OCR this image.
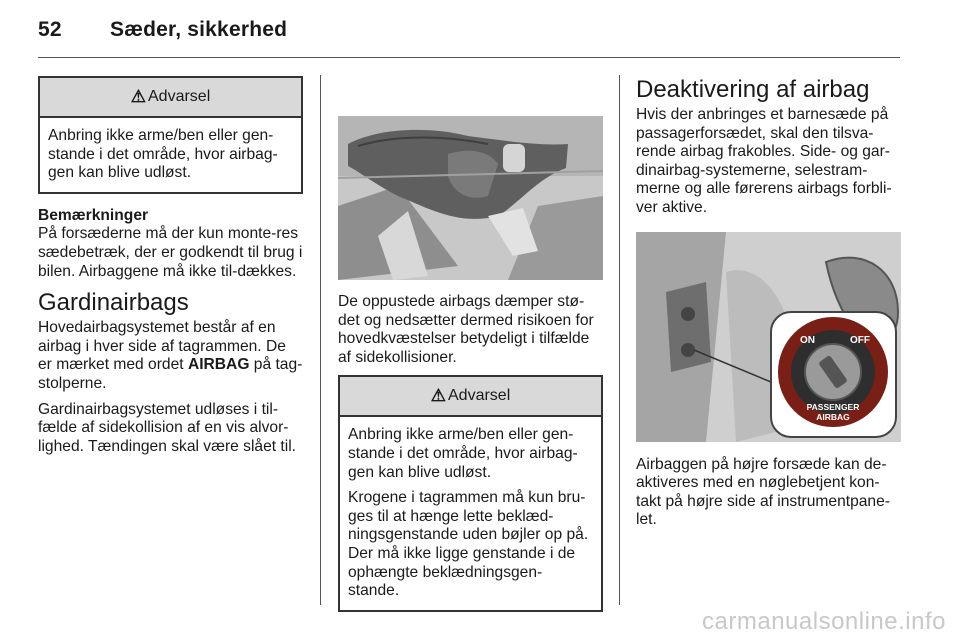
52 Sæder, sikkerhed
⚠ Advarsel

Anbring ikke arme/ben eller gen-stande i det område, hvor airbag-gen kan blive udløst.

Bemærkninger

På forsæderne må der kun monte-res sædebetræk, der er godkendt til brug i bilen. Airbaggene må ikke til-dækkes.

Gardinairbags

Hovedairbagsystemet består af en airbag i hver side af tagrammen. De er mærket med ordet AIRBAG på tag-stolperne.

Gardinairbagsystemet udløses i til-fælde af sidekollision af en vis alvor-lighed. Tændingen skal være slået til.

De oppustede airbags dæmper stø-det og nedsætter dermed risikoen for hovedkvæstelser betydeligt i tilfælde af sidekollisioner.

⚠ Advarsel

Anbring ikke arme/ben eller gen-stande i det område, hvor airbag-gen kan blive udløst.

Krogene i tagrammen må kun bru-ges til at hænge lette beklæd-ningsgenstande uden bøjler op på. Der må ikke ligge genstande i de ophængte beklædningsgen-stande.

Deaktivering af airbag

Hvis der anbringes et barnesæde på passagerforsædet, skal den tilsva-rende airbag frakobles. Side- og gar-dinairbag-systemerne, selestram-merne og alle førerens airbags forbli-ver aktive.

ON	OFF
PASSENGER
AIRBAG

Airbaggen på højre forsæde kan de-aktiveres med en nøglebetjent kon-takt på højre side af instrumentpane-let.

carmanualsonline.info
